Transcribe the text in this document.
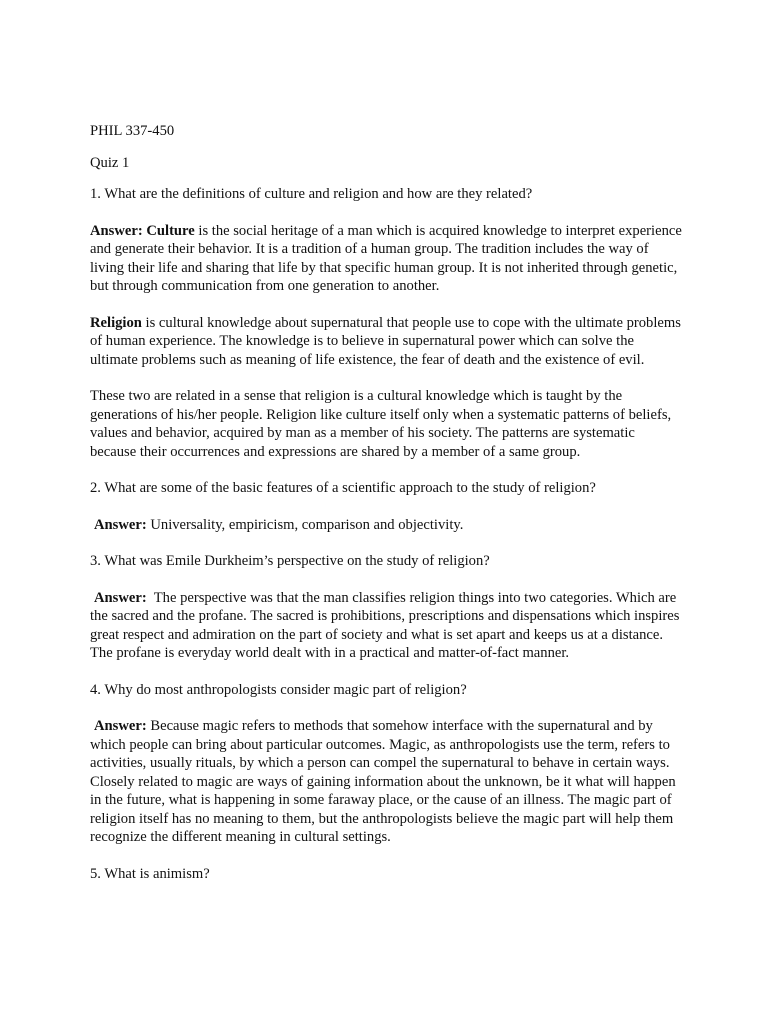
PHIL 337-450

Quiz 1

1. What are the definitions of culture and religion and how are they related?

Answer: Culture is the social heritage of a man which is acquired knowledge to interpret experience and generate their behavior. It is a tradition of a human group. The tradition includes the way of living their life and sharing that life by that specific human group. It is not inherited through genetic, but through communication from one generation to another.

Religion is cultural knowledge about supernatural that people use to cope with the ultimate problems of human experience. The knowledge is to believe in supernatural power which can solve the ultimate problems such as meaning of life existence, the fear of death and the existence of evil.

These two are related in a sense that religion is a cultural knowledge which is taught by the generations of his/her people. Religion like culture itself only when a systematic patterns of beliefs, values and behavior, acquired by man as a member of his society. The patterns are systematic because their occurrences and expressions are shared by a member of a same group.

2. What are some of the basic features of a scientific approach to the study of religion?

Answer: Universality, empiricism, comparison and objectivity.

3. What was Emile Durkheim’s perspective on the study of religion?

Answer:  The perspective was that the man classifies religion things into two categories. Which are the sacred and the profane. The sacred is prohibitions, prescriptions and dispensations which inspires great respect and admiration on the part of society and what is set apart and keeps us at a distance. The profane is everyday world dealt with in a practical and matter-of-fact manner.

4. Why do most anthropologists consider magic part of religion?

Answer: Because magic refers to methods that somehow interface with the supernatural and by which people can bring about particular outcomes. Magic, as anthropologists use the term, refers to activities, usually rituals, by which a person can compel the supernatural to behave in certain ways. Closely related to magic are ways of gaining information about the unknown, be it what will happen in the future, what is happening in some faraway place, or the cause of an illness. The magic part of religion itself has no meaning to them, but the anthropologists believe the magic part will help them recognize the different meaning in cultural settings.

5. What is animism?
